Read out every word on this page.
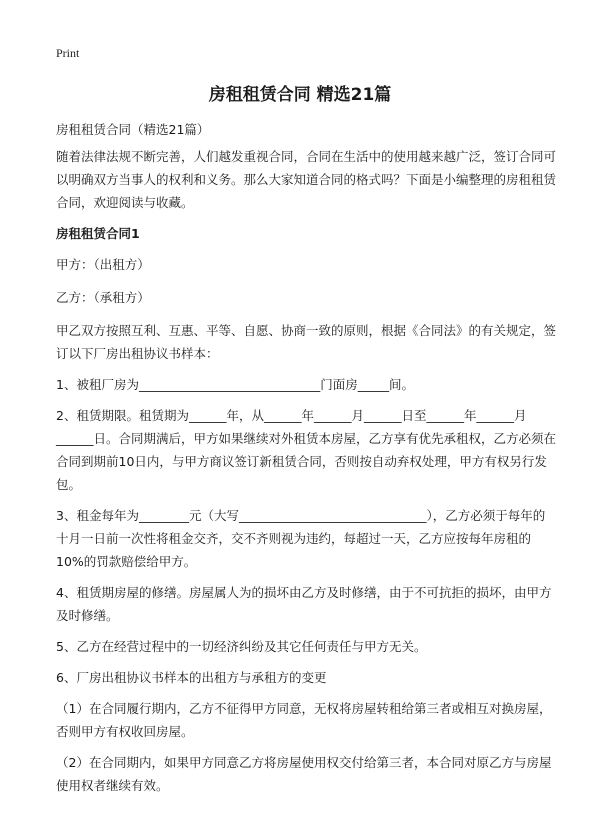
Print
房租租赁合同 精选21篇

房租租赁合同（精选21篇）

随着法律法规不断完善，人们越发重视合同，合同在生活中的使用越来越广泛，签订合同可以明确双方当事人的权利和义务。那么大家知道合同的格式吗？下面是小编整理的房租租赁合同，欢迎阅读与收藏。

房租租赁合同1

甲方：（出租方）

乙方：（承租方）

甲乙双方按照互利、互惠、平等、自愿、协商一致的原则，根据《合同法》的有关规定，签订以下厂房出租协议书样本：

1、被租厂房为_____________________________门面房_____间。

2、租赁期限。租赁期为______年，从______年______月______日至______年______月______日。合同期满后，甲方如果继续对外租赁本房屋，乙方享有优先承租权，乙方必须在合同到期前10日内，与甲方商议签订新租赁合同，否则按自动弃权处理，甲方有权另行发包。

3、租金每年为________元（大写______________________________），乙方必须于每年的十月一日前一次性将租金交齐，交不齐则视为违约，每超过一天，乙方应按每年房租的10%的罚款赔偿给甲方。

4、租赁期房屋的修缮。房屋属人为的损坏由乙方及时修缮，由于不可抗拒的损坏，由甲方及时修缮。

5、乙方在经营过程中的一切经济纠纷及其它任何责任与甲方无关。

6、厂房出租协议书样本的出租方与承租方的变更

（1）在合同履行期内，乙方不征得甲方同意，无权将房屋转租给第三者或相互对换房屋，否则甲方有权收回房屋。

（2）在合同期内，如果甲方同意乙方将房屋使用权交付给第三者，本合同对原乙方与房屋使用权者继续有效。
